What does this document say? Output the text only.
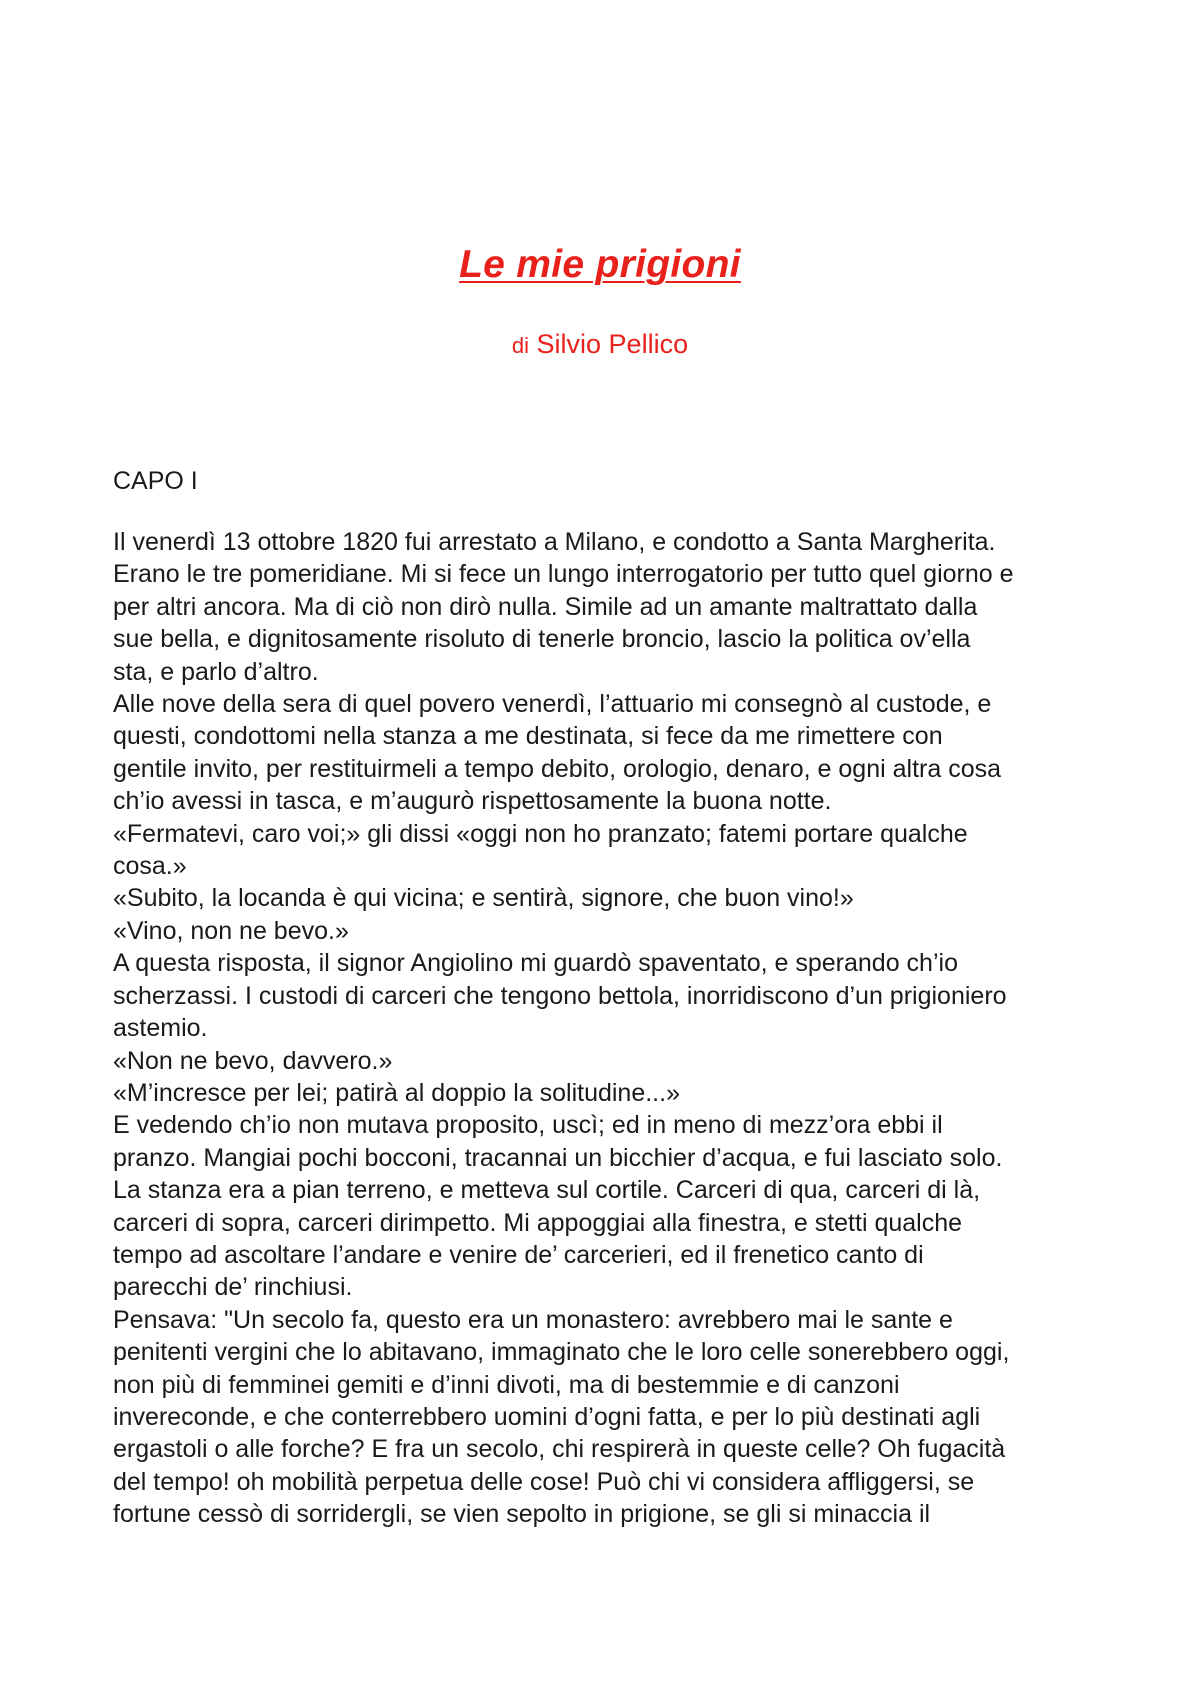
Le mie prigioni
di Silvio Pellico
CAPO I
Il venerdì 13 ottobre 1820 fui arrestato a Milano, e condotto a Santa Margherita.
Erano le tre pomeridiane. Mi si fece un lungo interrogatorio per tutto quel giorno e
per altri ancora. Ma di ciò non dirò nulla. Simile ad un amante maltrattato dalla
sue bella, e dignitosamente risoluto di tenerle broncio, lascio la politica ov’ella
sta, e parlo d’altro.
Alle nove della sera di quel povero venerdì, l’attuario mi consegnò al custode, e
questi, condottomi nella stanza a me destinata, si fece da me rimettere con
gentile invito, per restituirmeli a tempo debito, orologio, denaro, e ogni altra cosa
ch’io avessi in tasca, e m’augurò rispettosamente la buona notte.
«Fermatevi, caro voi;» gli dissi «oggi non ho pranzato; fatemi portare qualche
cosa.»
«Subito, la locanda è qui vicina; e sentirà, signore, che buon vino!»
«Vino, non ne bevo.»
A questa risposta, il signor Angiolino mi guardò spaventato, e sperando ch’io
scherzassi. I custodi di carceri che tengono bettola, inorridiscono d’un prigioniero
astemio.
«Non ne bevo, davvero.»
«M’incresce per lei; patirà al doppio la solitudine...»
E vedendo ch’io non mutava proposito, uscì; ed in meno di mezz’ora ebbi il
pranzo. Mangiai pochi bocconi, tracannai un bicchier d’acqua, e fui lasciato solo.
La stanza era a pian terreno, e metteva sul cortile. Carceri di qua, carceri di là,
carceri di sopra, carceri dirimpetto. Mi appoggiai alla finestra, e stetti qualche
tempo ad ascoltare l’andare e venire de’ carcerieri, ed il frenetico canto di
parecchi de’ rinchiusi.
Pensava: "Un secolo fa, questo era un monastero: avrebbero mai le sante e
penitenti vergini che lo abitavano, immaginato che le loro celle sonerebbero oggi,
non più di femminei gemiti e d’inni divoti, ma di bestemmie e di canzoni
invereconde, e che conterrebbero uomini d’ogni fatta, e per lo più destinati agli
ergastoli o alle forche? E fra un secolo, chi respirerà in queste celle? Oh fugacità
del tempo! oh mobilità perpetua delle cose! Può chi vi considera affliggersi, se
fortune cessò di sorridergli, se vien sepolto in prigione, se gli si minaccia il
